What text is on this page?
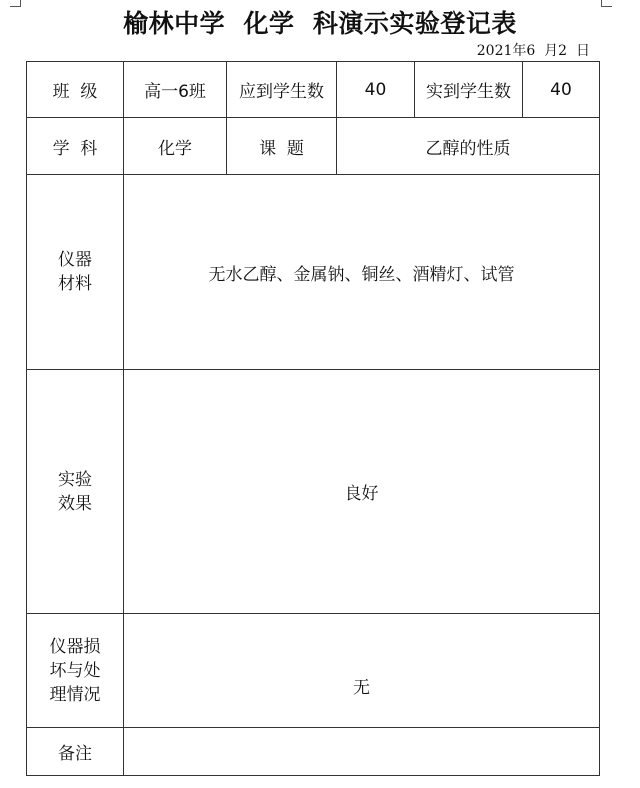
榆林中学  化学  科演示实验登记表
2021年6  月2  日
班  级	高一6班	应到学生数	40	实到学生数	40
学  科	化学	课  题	乙醇的性质		

仪器
材料	无水乙醇、金属钠、铜丝、酒精灯、试管				

实验
效果	良好				

仪器损
坏与处
理情况	无				
备注					
